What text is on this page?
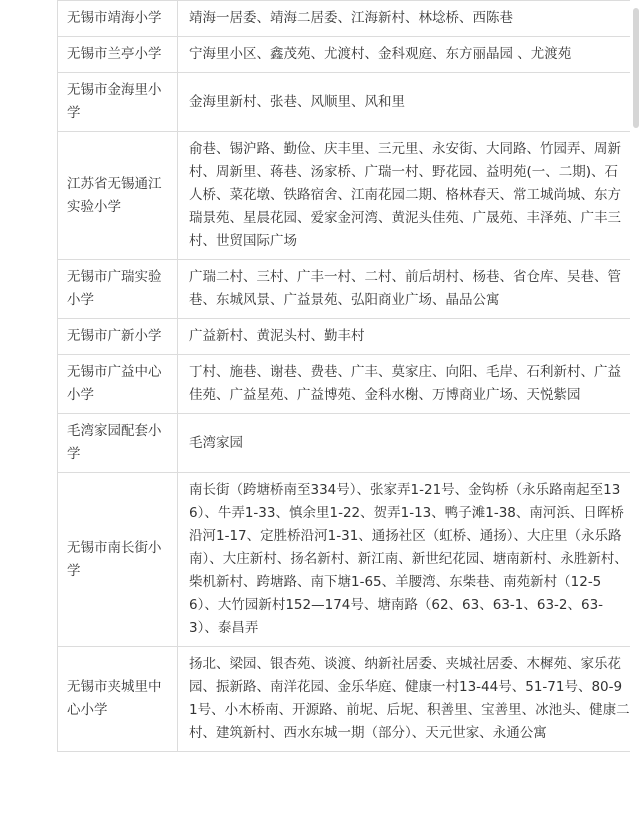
无锡市靖海小学	靖海一居委、靖海二居委、江海新村、林埝桥、西陈巷
无锡市兰亭小学	宁海里小区、鑫茂苑、尤渡村、金科观庭、东方丽晶园 、尤渡苑
无锡市金海里小学	金海里新村、张巷、风顺里、风和里
江苏省无锡通江实验小学	俞巷、锡沪路、勤俭、庆丰里、三元里、永安街、大同路、竹园弄、周新村、周新里、蒋巷、汤家桥、广瑞一村、野花园、益明苑(一、二期)、石人桥、菜花墩、铁路宿舍、江南花园二期、格林春天、常工城尚城、东方瑞景苑、星晨花园、爱家金河湾、黄泥头佳苑、广晟苑、丰泽苑、广丰三村、世贸国际广场
无锡市广瑞实验小学	广瑞二村、三村、广丰一村、二村、前后胡村、杨巷、省仓库、吴巷、管巷、东城风景、广益景苑、弘阳商业广场、晶品公寓
无锡市广新小学	广益新村、黄泥头村、勤丰村
无锡市广益中心小学	丁村、施巷、谢巷、费巷、广丰、莫家庄、向阳、毛岸、石利新村、广益佳苑、广益星苑、广益博苑、金科水榭、万博商业广场、天悦紫园
毛湾家园配套小学	毛湾家园
无锡市南长街小学	南长街（跨塘桥南至334号）、张家弄1-21号、金钩桥（永乐路南起至136）、牛弄1-33、慎余里1-22、贺弄1-13、鸭子滩1-38、南河浜、日晖桥沿河1-17、定胜桥沿河1-31、通扬社区（虹桥、通扬）、大庄里（永乐路南）、大庄新村、扬名新村、新江南、新世纪花园、塘南新村、永胜新村、柴机新村、跨塘路、南下塘1-65、羊腰湾、东柴巷、南苑新村（12-56）、大竹园新村152—174号、塘南路（62、63、63-1、63-2、63-3）、泰昌弄
无锡市夹城里中心小学	扬北、梁园、银杏苑、谈渡、纳新社居委、夹城社居委、木樨苑、家乐花园、振新路、南洋花园、金乐华庭、健康一村13-44号、51-71号、80-91号、小木桥南、开源路、前坭、后坭、积善里、宝善里、冰池头、健康二村、建筑新村、西水东城一期（部分）、天元世家、永通公寓
